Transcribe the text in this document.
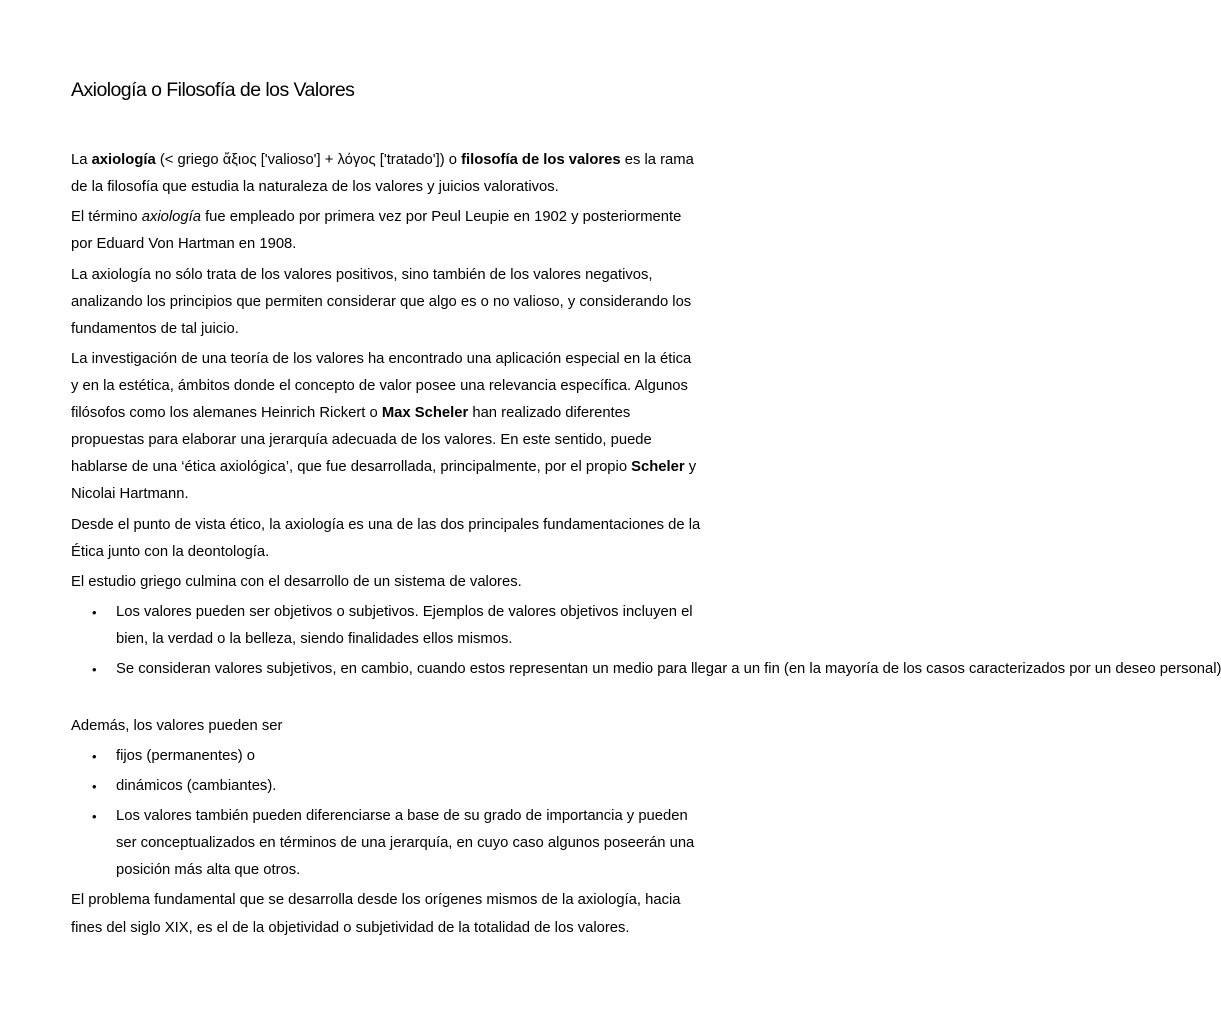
Axiología o Filosofía de los Valores

La axiología (< griego ἄξιος ['valioso'] + λόγος ['tratado']) o filosofía de los valores es la rama de la filosofía que estudia la naturaleza de los valores y juicios valorativos.

El término axiología fue empleado por primera vez por Peul Leupie en 1902 y posteriormente por Eduard Von Hartman en 1908.

La axiología no sólo trata de los valores positivos, sino también de los valores negativos, analizando los principios que permiten considerar que algo es o no valioso, y considerando los fundamentos de tal juicio.

La investigación de una teoría de los valores ha encontrado una aplicación especial en la ética y en la estética, ámbitos donde el concepto de valor posee una relevancia específica. Algunos filósofos como los alemanes Heinrich Rickert o Max Scheler han realizado diferentes propuestas para elaborar una jerarquía adecuada de los valores. En este sentido, puede hablarse de una ‘ética axiológica’, que fue desarrollada, principalmente, por el propio Scheler y Nicolai Hartmann.

Desde el punto de vista ético, la axiología es una de las dos principales fundamentaciones de la Ética junto con la deontología.

El estudio griego culmina con el desarrollo de un sistema de valores.

• Los valores pueden ser objetivos o subjetivos. Ejemplos de valores objetivos incluyen el bien, la verdad o la belleza, siendo finalidades ellos mismos.
• Se consideran valores subjetivos, en cambio, cuando estos representan un medio para llegar a un fin (en la mayoría de los casos caracterizados por un deseo personal)

Además, los valores pueden ser

• fijos (permanentes) o
• dinámicos (cambiantes).
• Los valores también pueden diferenciarse a base de su grado de importancia y pueden ser conceptualizados en términos de una jerarquía, en cuyo caso algunos poseerán una posición más alta que otros.

El problema fundamental que se desarrolla desde los orígenes mismos de la axiología, hacia fines del siglo XIX, es el de la objetividad o subjetividad de la totalidad de los valores.
